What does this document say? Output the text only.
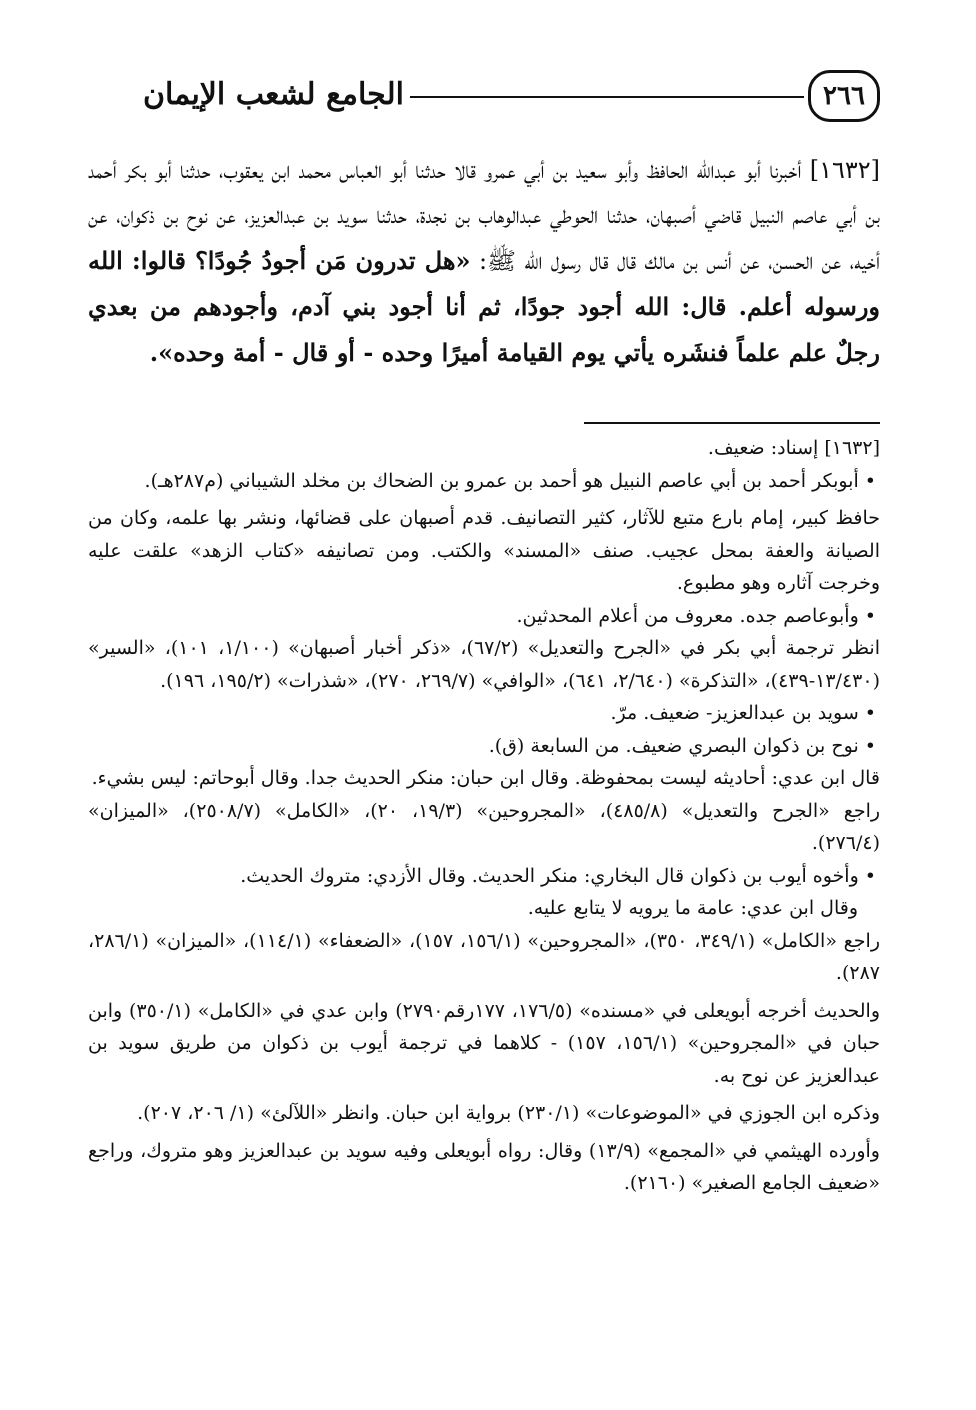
٢٦٦
الجامع لشعب الإيمان
[١٦٣٢] أخبرنا أبو عبدالله الحافظ وأبو سعيد بن أبي عمرو قالا حدثنا أبو العباس محمد ابن يعقوب، حدثنا أبو بكر أحمد بن أبي عاصم النبيل قاضي أصبهان، حدثنا الحوطي عبدالوهاب بن نجدة، حدثنا سويد بن عبدالعزيز، عن نوح بن ذكوان، عن أخيه، عن الحسن، عن أنس بن مالك قال قال رسول الله ﷺ: «هل تدرون مَن أجودُ جُودًا؟ قالوا: الله ورسوله أعلم. قال: الله أجود جودًا، ثم أنا أجود بني آدم، وأجودهم من بعدي رجلٌ علم علماً فنشَره يأتي يوم القيامة أميرًا وحده - أو قال - أمة وحده».

[١٦٣٢] إسناد: ضعيف.

• أبوبكر أحمد بن أبي عاصم النبيل هو أحمد بن عمرو بن الضحاك بن مخلد الشيباني (م٢٨٧هـ).

حافظ كبير، إمام بارع متبع للآثار، كثير التصانيف. قدم أصبهان على قضائها، ونشر بها علمه، وكان من الصيانة والعفة بمحل عجيب. صنف «المسند» والكتب. ومن تصانيفه «كتاب الزهد» علقت عليه وخرجت آثاره وهو مطبوع.

• وأبوعاصم جده. معروف من أعلام المحدثين.

انظر ترجمة أبي بكر في «الجرح والتعديل» (٦٧/٢)، «ذكر أخبار أصبهان» (١/١٠٠، ١٠١)، «السير» (١٣/٤٣٠-٤٣٩)، «التذكرة» (٢/٦٤٠، ٦٤١)، «الوافي» (٢٦٩/٧، ٢٧٠)، «شذرات» (١٩٥/٢، ١٩٦).

• سويد بن عبدالعزيز- ضعيف. مرّ.

• نوح بن ذكوان البصري ضعيف. من السابعة (ق).

قال ابن عدي: أحاديثه ليست بمحفوظة. وقال ابن حبان: منكر الحديث جدا. وقال أبوحاتم: ليس بشيء.

راجع «الجرح والتعديل» (٤٨٥/٨)، «المجروحين» (١٩/٣، ٢٠)، «الكامل» (٢٥٠٨/٧)، «الميزان» (٢٧٦/٤).

• وأخوه أيوب بن ذكوان قال البخاري: منكر الحديث. وقال الأزدي: متروك الحديث.

وقال ابن عدي: عامة ما يرويه لا يتابع عليه.

راجع «الكامل» (٣٤٩/١، ٣٥٠)، «المجروحين» (١٥٦/١، ١٥٧)، «الضعفاء» (١١٤/١)، «الميزان» (٢٨٦/١، ٢٨٧).

والحديث أخرجه أبويعلى في «مسنده» (١٧٦/٥، ١٧٧رقم٢٧٩٠) وابن عدي في «الكامل» (٣٥٠/١) وابن حبان في «المجروحين» (١٥٦/١، ١٥٧) - كلاهما في ترجمة أيوب بن ذكوان من طريق سويد بن عبدالعزيز عن نوح به.

وذكره ابن الجوزي في «الموضوعات» (٢٣٠/١) برواية ابن حبان. وانظر «اللآلئ» (١/ ٢٠٦، ٢٠٧).

وأورده الهيثمي في «المجمع» (١٣/٩) وقال: رواه أبويعلى وفيه سويد بن عبدالعزيز وهو متروك، وراجع «ضعيف الجامع الصغير» (٢١٦٠).
